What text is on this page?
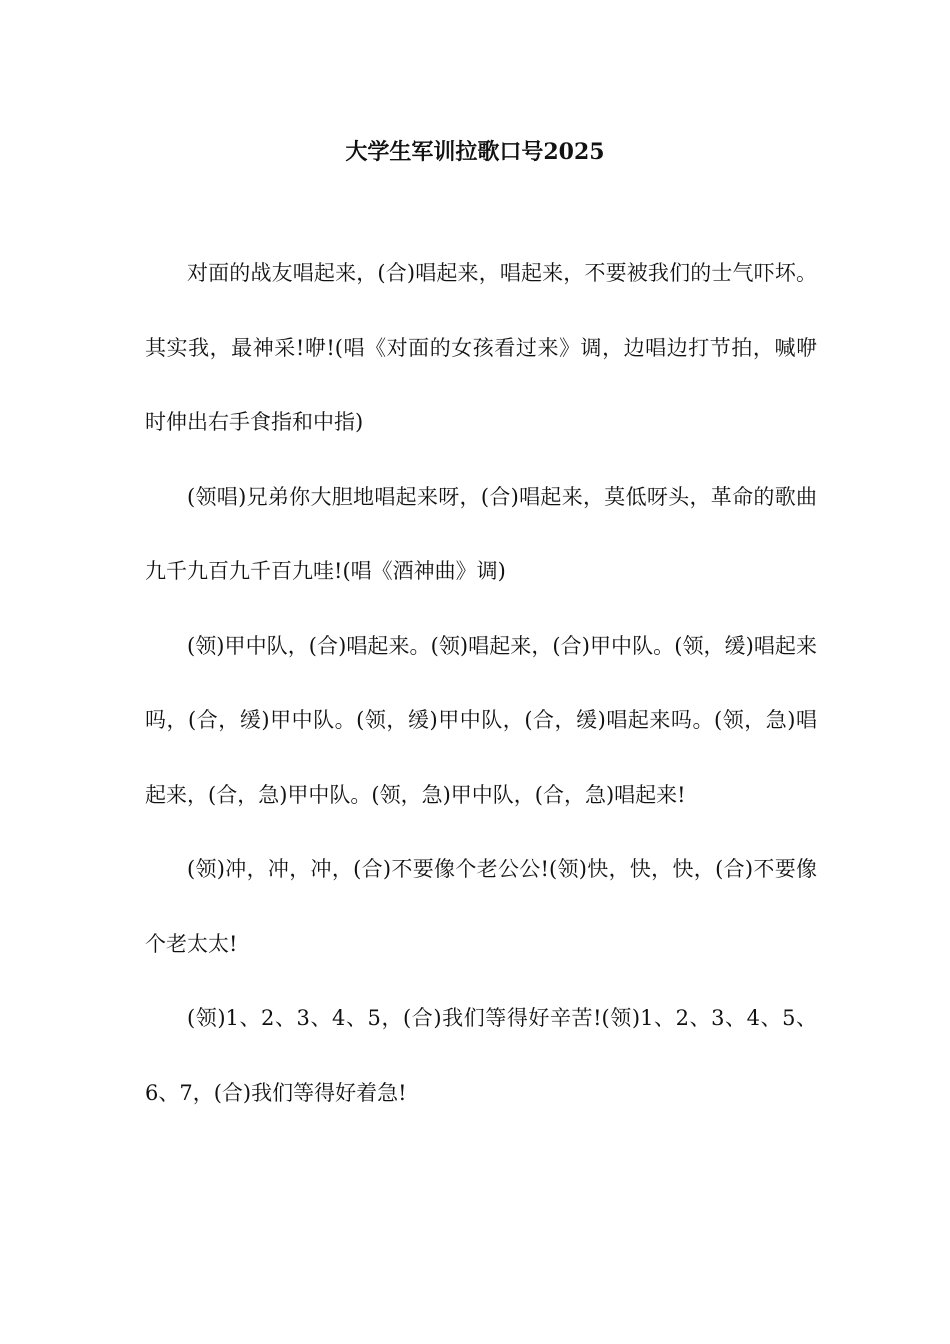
大学生军训拉歌口号2025

对面的战友唱起来，(合)唱起来，唱起来，不要被我们的士气吓坏。其实我，最神采!咿!(唱《对面的女孩看过来》调，边唱边打节拍，喊咿时伸出右手食指和中指)

(领唱)兄弟你大胆地唱起来呀，(合)唱起来，莫低呀头，革命的歌曲九千九百九千百九哇!(唱《酒神曲》调)

(领)甲中队，(合)唱起来。(领)唱起来，(合)甲中队。(领，缓)唱起来吗，(合，缓)甲中队。(领，缓)甲中队，(合，缓)唱起来吗。(领，急)唱起来，(合，急)甲中队。(领，急)甲中队，(合，急)唱起来!

(领)冲，冲，冲，(合)不要像个老公公!(领)快，快，快，(合)不要像个老太太!

(领)1、2、3、4、5，(合)我们等得好辛苦!(领)1、2、3、4、5、6、7，(合)我们等得好着急!
